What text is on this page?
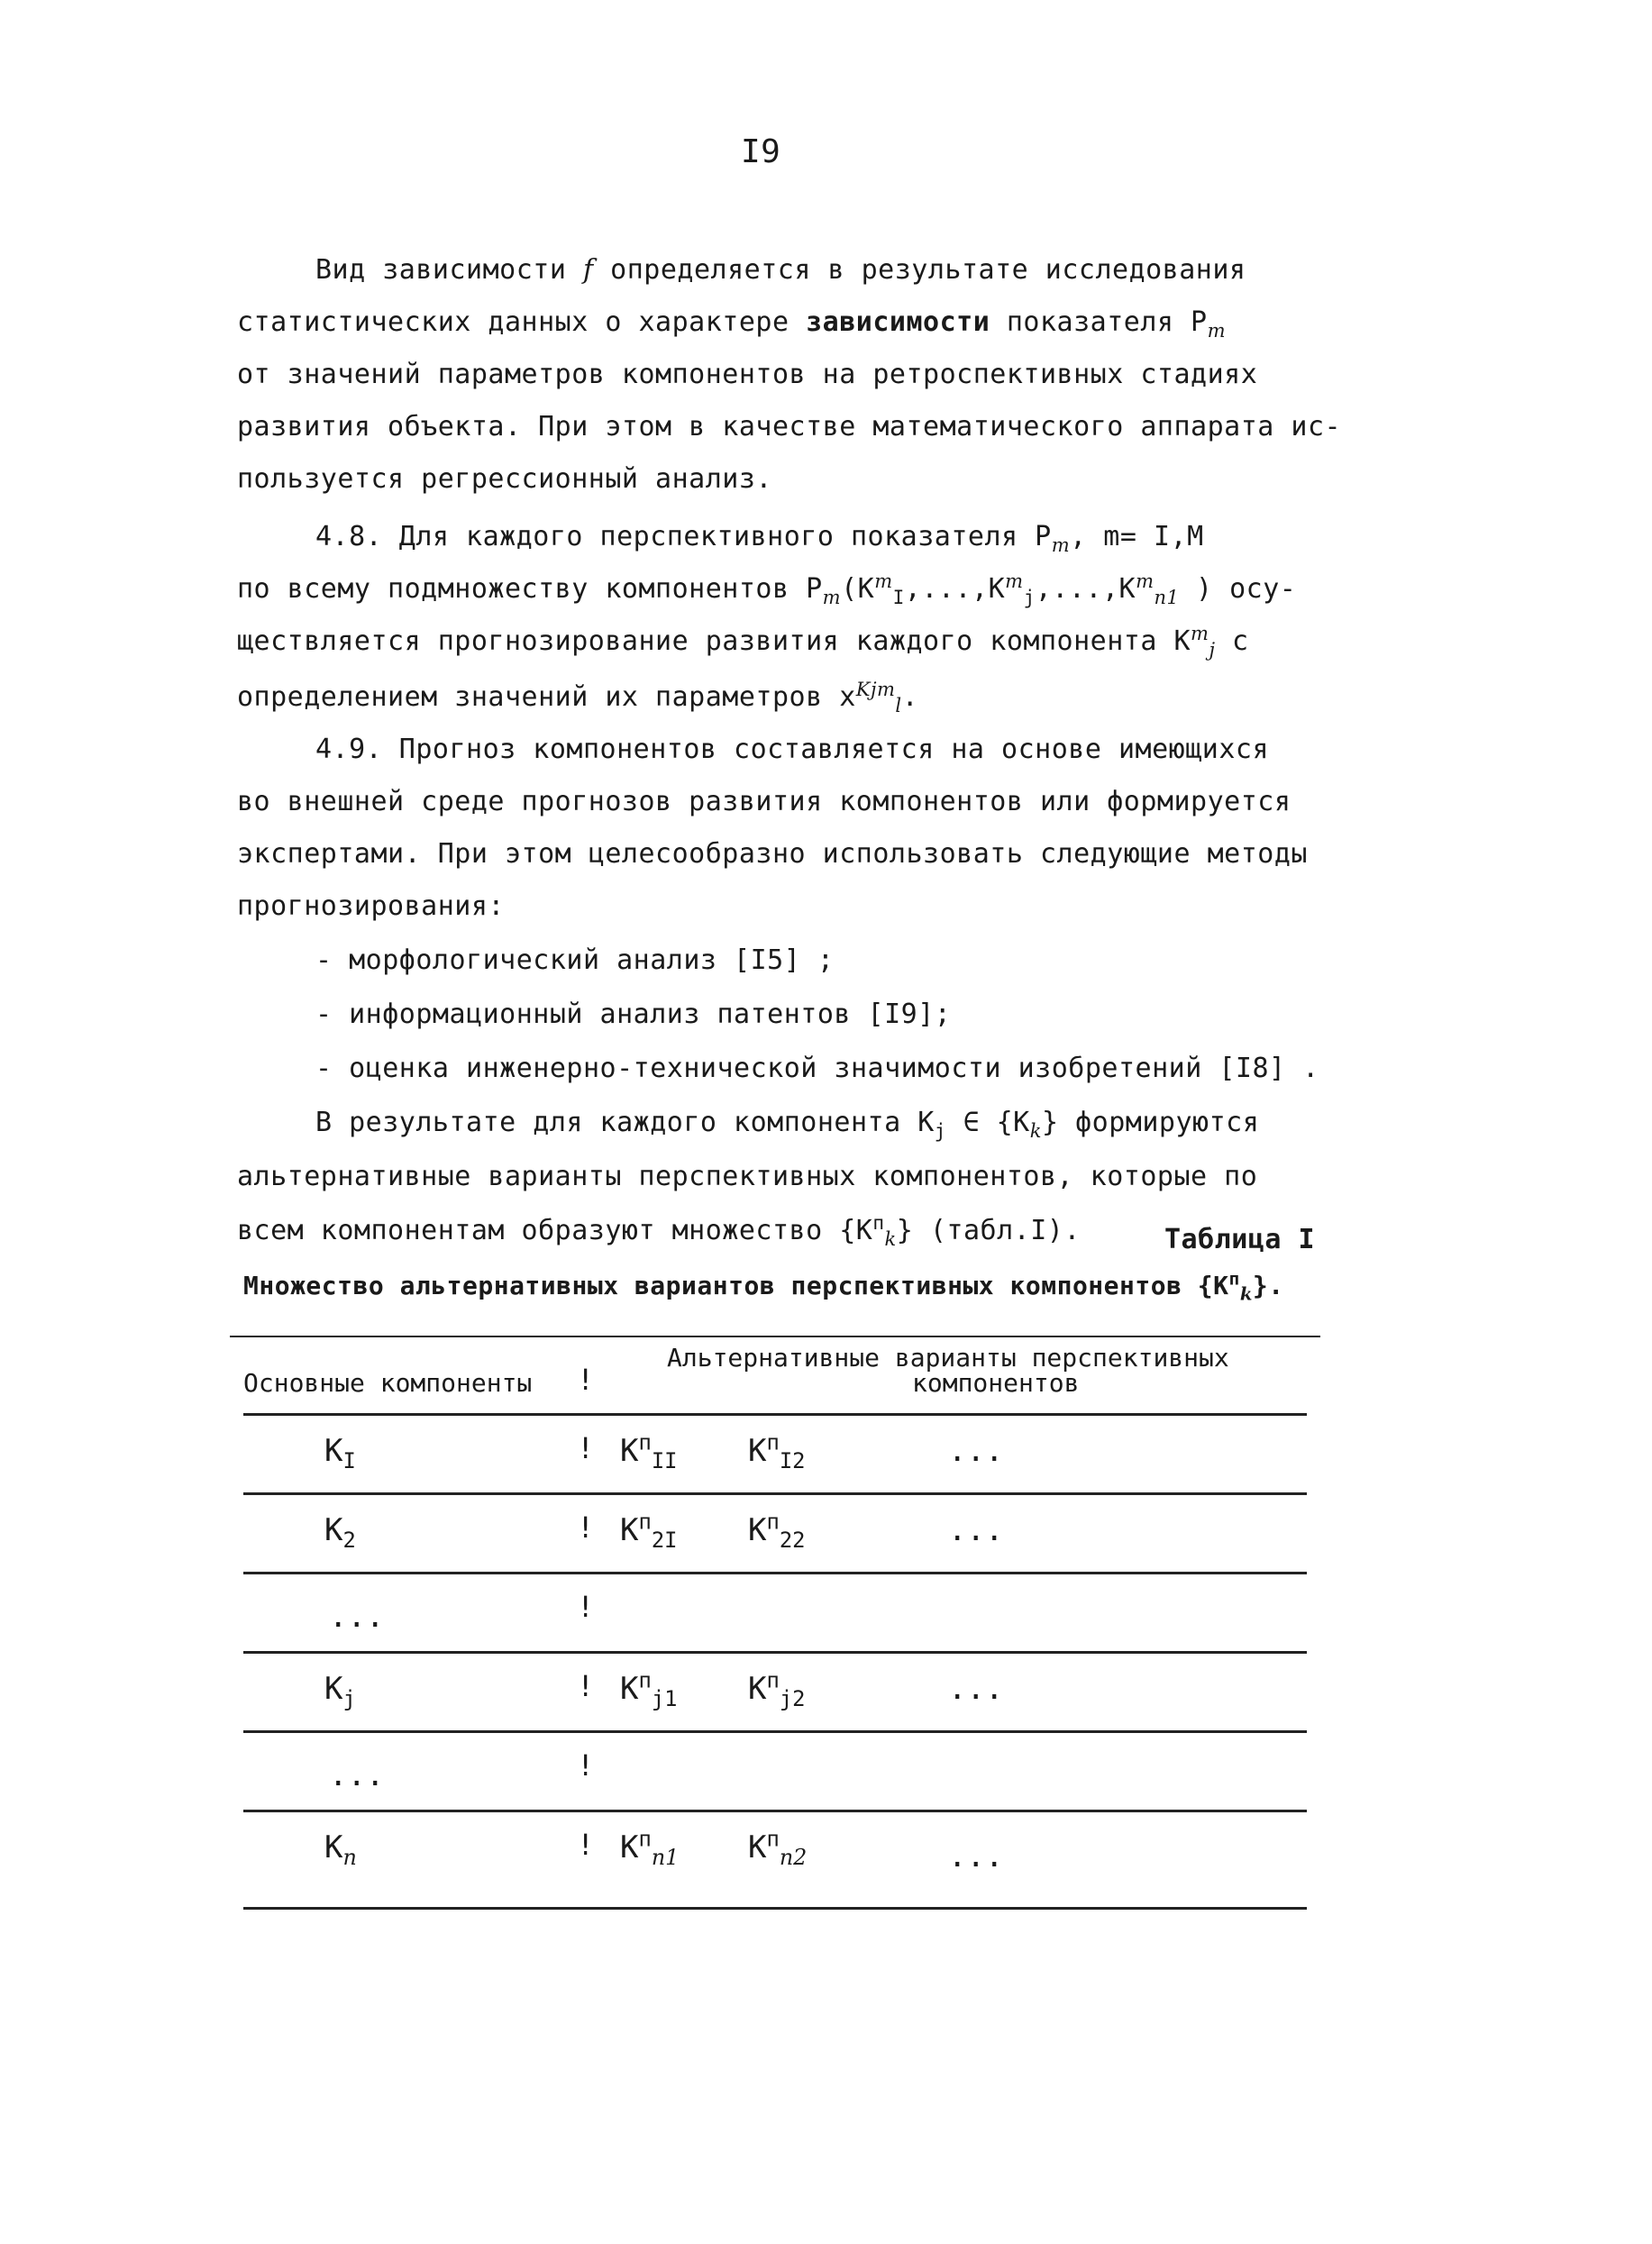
I9
Вид зависимости f определяется в результате исследования
статистических данных о характере зависимости показателя $P_m$
от значений параметров компонентов на ретроспективных стадиях
развития объекта. При этом в качестве математического аппарата ис-
пользуется регрессионный анализ.
4.8. Для каждого перспективного показателя $P_m$, m= I,M
по всему подмножеству компонентов $P_m(K^m_I,...,K^m_j,...,K^m_{n1}$ ) осу-
ществляется прогнозирование развития каждого компонента $K^m_j$ с
определением значений их параметров $x^{Kjm}_l$.
4.9. Прогноз компонентов составляется на основе имеющихся
во внешней среде прогнозов развития компонентов или формируется
экспертами. При этом целесообразно использовать следующие методы
прогнозирования:
- морфологический анализ [I5] ;
- информационный анализ патентов [I9];
- оценка инженерно-технической значимости изобретений [I8] .
В результате для каждого компонента $K_j$ ∈ $\{K_k\}$ формируются
альтернативные варианты перспективных компонентов, которые по
всем компонентам образуют множество $\{K^п_k\}$ (табл.I).	Таблица I
Множество альтернативных вариантов перспективных компонентов $\{K^п_k\}$.
Основные компоненты !
Альтернативные варианты перспективных
компонентов
$K_I$	! $K^п_{II}$ $K^п_{I2}$	...
$K_2$	! $K^п_{2I}$ $K^п_{22}$	...
...	!
$K_j$	! $K^п_{j1}$ $K^п_{j2}$	...
...	!
$K_n$	! $K^п_{n1}$ $K^п_{n2}$	...
